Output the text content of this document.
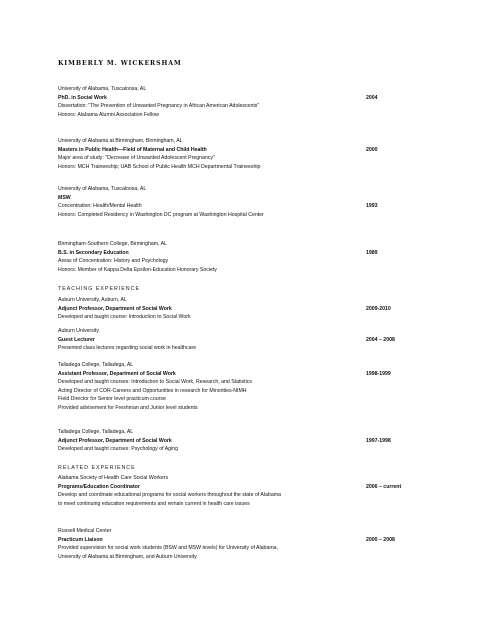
KIMBERLY M. WICKERSHAM
University of Alabama, Tuscaloosa, AL
PhD. in Social Work	2004
Dissertation: "The Prevention of Unwanted Pregnancy in African American Adolescents"
Honors: Alabama Alumni Association Fellow
University of Alabama at Birmingham, Birmingham, AL
Masters in Public Health—Field of Maternal and Child Health	2000
Major area of study: "Decrease of Unwanted Adolescent Pregnancy"
Honors: MCH Traineeship; UAB School of Public Health MCH Departmental Traineeship
University of Alabama, Tuscaloosa, AL
MSW
Concentration: Health/Mental Health	1993
Honors: Completed Residency in Washington DC program at Washington Hospital Center
Birmingham-Southern College, Birmingham, AL
B.S. in Secondary Education	1989
Areas of Concentration: History and Psychology
Honors: Member of Kappa Delta Epsilon-Education Honorary Society
TEACHING EXPERIENCE
Auburn University, Auburn, AL
Adjunct Professor, Department of Social Work	2009-2010
Developed and taught course: Introduction to Social Work
Auburn University
Guest Lecturer	2004 – 2008
Presented class lectures regarding social work in healthcare
Talladega College, Talladega, AL
Assistant Professor, Department of Social Work	1998-1999
Developed and taught courses: Introduction to Social Work, Research, and Statistics
Acting Director of COR-Careers and Opportunities in research for Minorities-NIMH
Field Director for Senior level practicum course
Provided advisement for Freshman and Junior level students
Talladega College, Talladega, AL
Adjunct Professor, Department of Social Work	1997-1998
Developed and taught courses: Psychology of Aging
RELATED EXPERIENCE
Alabama Society of Health Care Social Workers
Programs/Education Coordinator	2006 – current
Develop and coordinate educational programs for social workers throughout the state of Alabama
to meet continuing education requirements and remain current in health care issues
Russell Medical Center
Practicum Liaison	2000 – 2008
Provided supervision for social work students (BSW and MSW levels) for University of Alabama,
University of Alabama at Birmingham, and Auburn University
